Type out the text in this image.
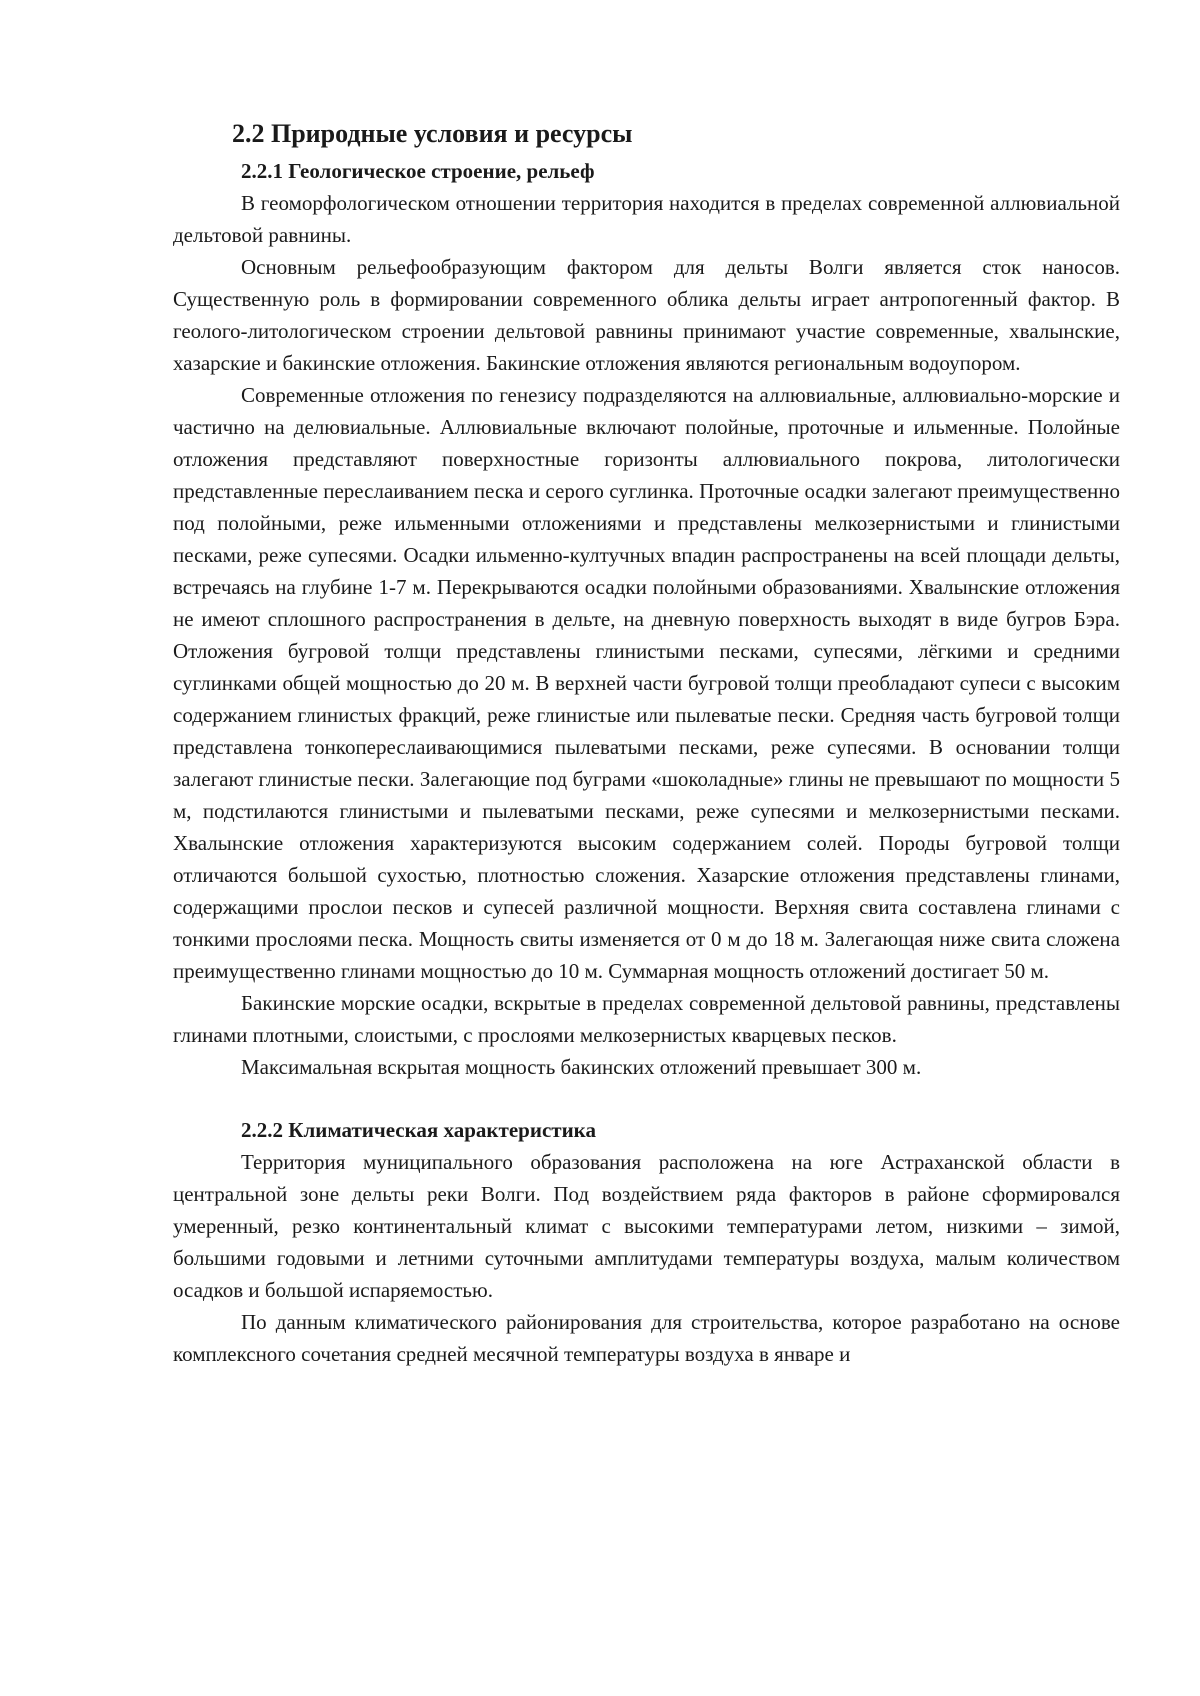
2.2 Природные условия и ресурсы
2.2.1 Геологическое строение, рельеф

В геоморфологическом отношении территория находится в пределах современной аллювиальной дельтовой равнины.

Основным рельефообразующим фактором для дельты Волги является сток наносов. Существенную роль в формировании современного облика дельты играет антропогенный фактор. В геолого-литологическом строении дельтовой равнины принимают участие современные, хвалынские, хазарские и бакинские отложения. Бакинские отложения являются региональным водоупором.

Современные отложения по генезису подразделяются на аллювиальные, аллювиально-морские и частично на делювиальные. Аллювиальные включают полойные, проточные и ильменные. Полойные отложения представляют поверхностные горизонты аллювиального покрова, литологически представленные переслаиванием песка и серого суглинка. Проточные осадки залегают преимущественно под полойными, реже ильменными отложениями и представлены мелкозернистыми и глинистыми песками, реже супесями. Осадки ильменно-култучных впадин распространены на всей площади дельты, встречаясь на глубине 1-7 м. Перекрываются осадки полойными образованиями. Хвалынские отложения не имеют сплошного распространения в дельте, на дневную поверхность выходят в виде бугров Бэра. Отложения бугровой толщи представлены глинистыми песками, супесями, лёгкими и средними суглинками общей мощностью до 20 м. В верхней части бугровой толщи преобладают супеси с высоким содержанием глинистых фракций, реже глинистые или пылеватые пески. Средняя часть бугровой толщи представлена тонкопереслаивающимися пылеватыми песками, реже супесями. В основании толщи залегают глинистые пески. Залегающие под буграми «шоколадные» глины не превышают по мощности 5 м, подстилаются глинистыми и пылеватыми песками, реже супесями и мелкозернистыми песками. Хвалынские отложения характеризуются высоким содержанием солей. Породы бугровой толщи отличаются большой сухостью, плотностью сложения. Хазарские отложения представлены глинами, содержащими прослои песков и супесей различной мощности. Верхняя свита составлена глинами с тонкими прослоями песка. Мощность свиты изменяется от 0 м до 18 м. Залегающая ниже свита сложена преимущественно глинами мощностью до 10 м. Суммарная мощность отложений достигает 50 м.

Бакинские морские осадки, вскрытые в пределах современной дельтовой равнины, представлены глинами плотными, слоистыми, с прослоями мелкозернистых кварцевых песков.

Максимальная вскрытая мощность бакинских отложений превышает 300 м.

2.2.2 Климатическая характеристика

Территория муниципального образования расположена на юге Астраханской области в центральной зоне дельты реки Волги. Под воздействием ряда факторов в районе сформировался умеренный, резко континентальный климат с высокими температурами летом, низкими – зимой, большими годовыми и летними суточными амплитудами температуры воздуха, малым количеством осадков и большой испаряемостью.

По данным климатического районирования для строительства, которое разработано на основе комплексного сочетания средней месячной температуры воздуха в январе и
